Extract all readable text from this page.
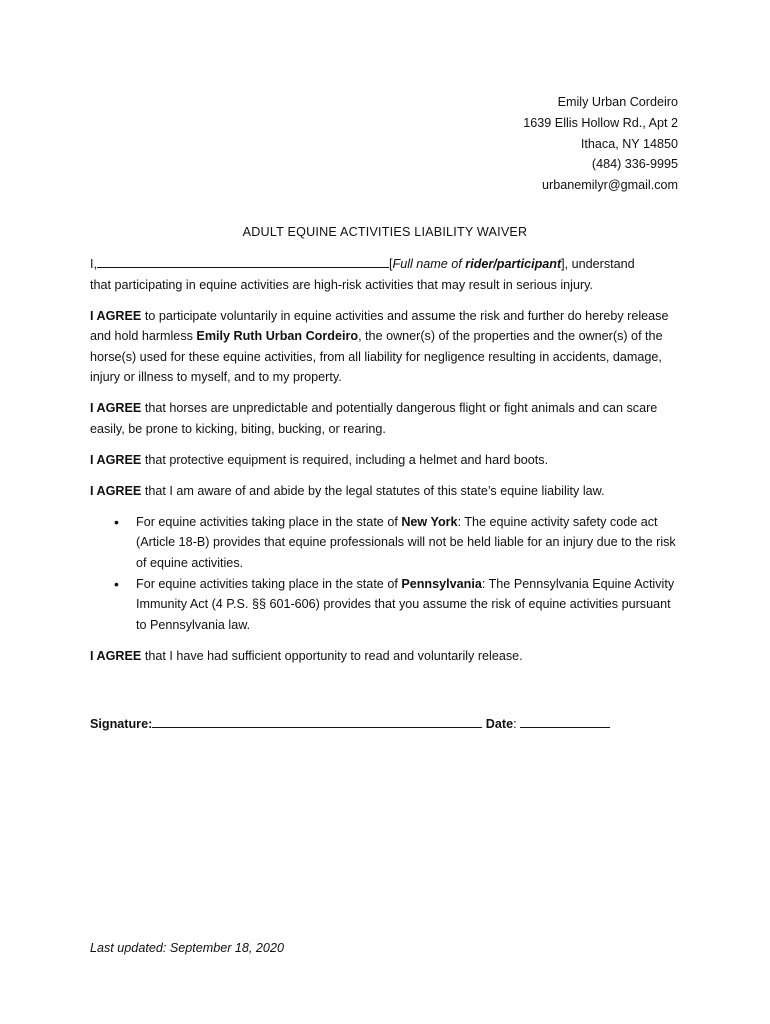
Emily Urban Cordeiro
1639 Ellis Hollow Rd., Apt 2
Ithaca, NY 14850
(484) 336-9995
urbanemilyr@gmail.com
ADULT EQUINE ACTIVITIES LIABILITY WAIVER

I,	[Full name of rider/participant], understand
that participating in equine activities are high-risk activities that may result in serious injury.

I AGREE to participate voluntarily in equine activities and assume the risk and further do hereby release and hold harmless Emily Ruth Urban Cordeiro, the owner(s) of the properties and the owner(s) of the horse(s) used for these equine activities, from all liability for negligence resulting in accidents, damage, injury or illness to myself, and to my property.

I AGREE that horses are unpredictable and potentially dangerous flight or fight animals and can scare easily, be prone to kicking, biting, bucking, or rearing.

I AGREE that protective equipment is required, including a helmet and hard boots.

I AGREE that I am aware of and abide by the legal statutes of this state’s equine liability law.

• For equine activities taking place in the state of New York: The equine activity safety code act (Article 18-B) provides that equine professionals will not be held liable for an injury due to the risk of equine activities.
• For equine activities taking place in the state of Pennsylvania: The Pennsylvania Equine Activity Immunity Act (4 P.S. §§ 601-606) provides that you assume the risk of equine activities pursuant to Pennsylvania law.

I AGREE that I have had sufficient opportunity to read and voluntarily release.

Signature:	Date:
Last updated: September 18, 2020
